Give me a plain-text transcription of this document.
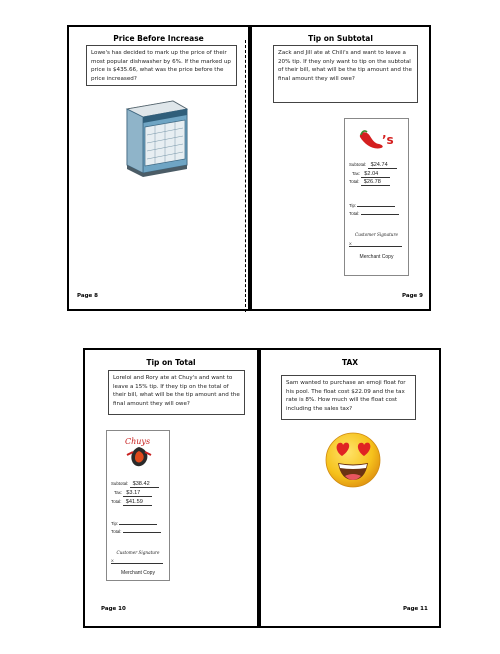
Price Before Increase
Lowe's has decided to mark up the price of their most popular dishwasher by 6%. If the marked up price is $435.66, what was the price before the price increased?
Page 8
Tip on Subtotal
Zack and Jill ate at Chili's and want to leave a 20% tip. If they only want to tip on the subtotal of their bill, what will be the tip amount and the final amount they will owe?
’s
Subtotal: $24.74
Tax: $2.04
Total: $26.78
Tip:
Total:
Customer Signature
X
Merchant Copy
Page 9
Tip on Total
Loreloi and Rory ate at Chuy's and want to leave a 15% tip. If they tip on the total of their bill, what will be the tip amount and the final amount they will owe?
Chuys
Subtotal: $38.42
Tax: $3.17
Total: $41.59
Tip:
Total:
Customer Signature
X
Merchant Copy
Page 10
TAX
Sam wanted to purchase an emoji float for his pool. The float cost $22.09 and the tax rate is 8%. How much will the float cost including the sales tax?
Page 11
